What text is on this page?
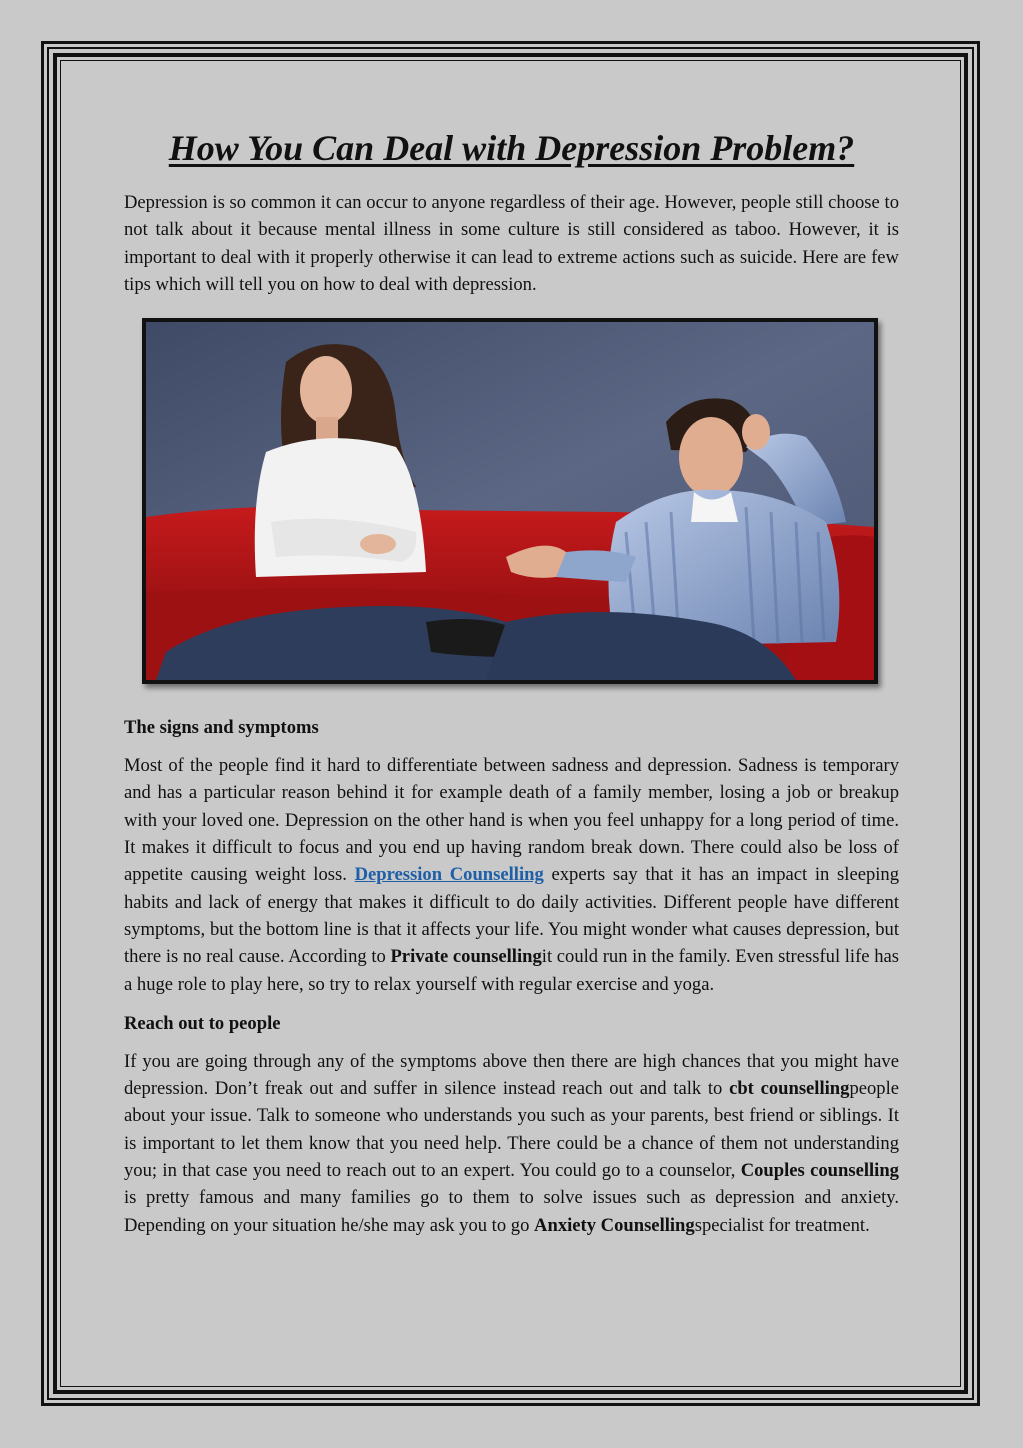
How You Can Deal with Depression Problem?

Depression is so common it can occur to anyone regardless of their age. However, people still choose to not talk about it because mental illness in some culture is still considered as taboo. However, it is important to deal with it properly otherwise it can lead to extreme actions such as suicide. Here are few tips which will tell you on how to deal with depression.

The signs and symptoms

Most of the people find it hard to differentiate between sadness and depression. Sadness is temporary and has a particular reason behind it for example death of a family member, losing a job or breakup with your loved one. Depression on the other hand is when you feel unhappy for a long period of time. It makes it difficult to focus and you end up having random break down. There could also be loss of appetite causing weight loss. Depression Counselling experts say that it has an impact in sleeping habits and lack of energy that makes it difficult to do daily activities. Different people have different symptoms, but the bottom line is that it affects your life. You might wonder what causes depression, but there is no real cause. According to Private counsellingit could run in the family. Even stressful life has a huge role to play here, so try to relax yourself with regular exercise and yoga.

Reach out to people

If you are going through any of the symptoms above then there are high chances that you might have depression. Don’t freak out and suffer in silence instead reach out and talk to cbt counsellingpeople about your issue. Talk to someone who understands you such as your parents, best friend or siblings. It is important to let them know that you need help. There could be a chance of them not understanding you; in that case you need to reach out to an expert. You could go to a counselor, Couples counselling is pretty famous and many families go to them to solve issues such as depression and anxiety. Depending on your situation he/she may ask you to go Anxiety Counsellingspecialist for treatment.
